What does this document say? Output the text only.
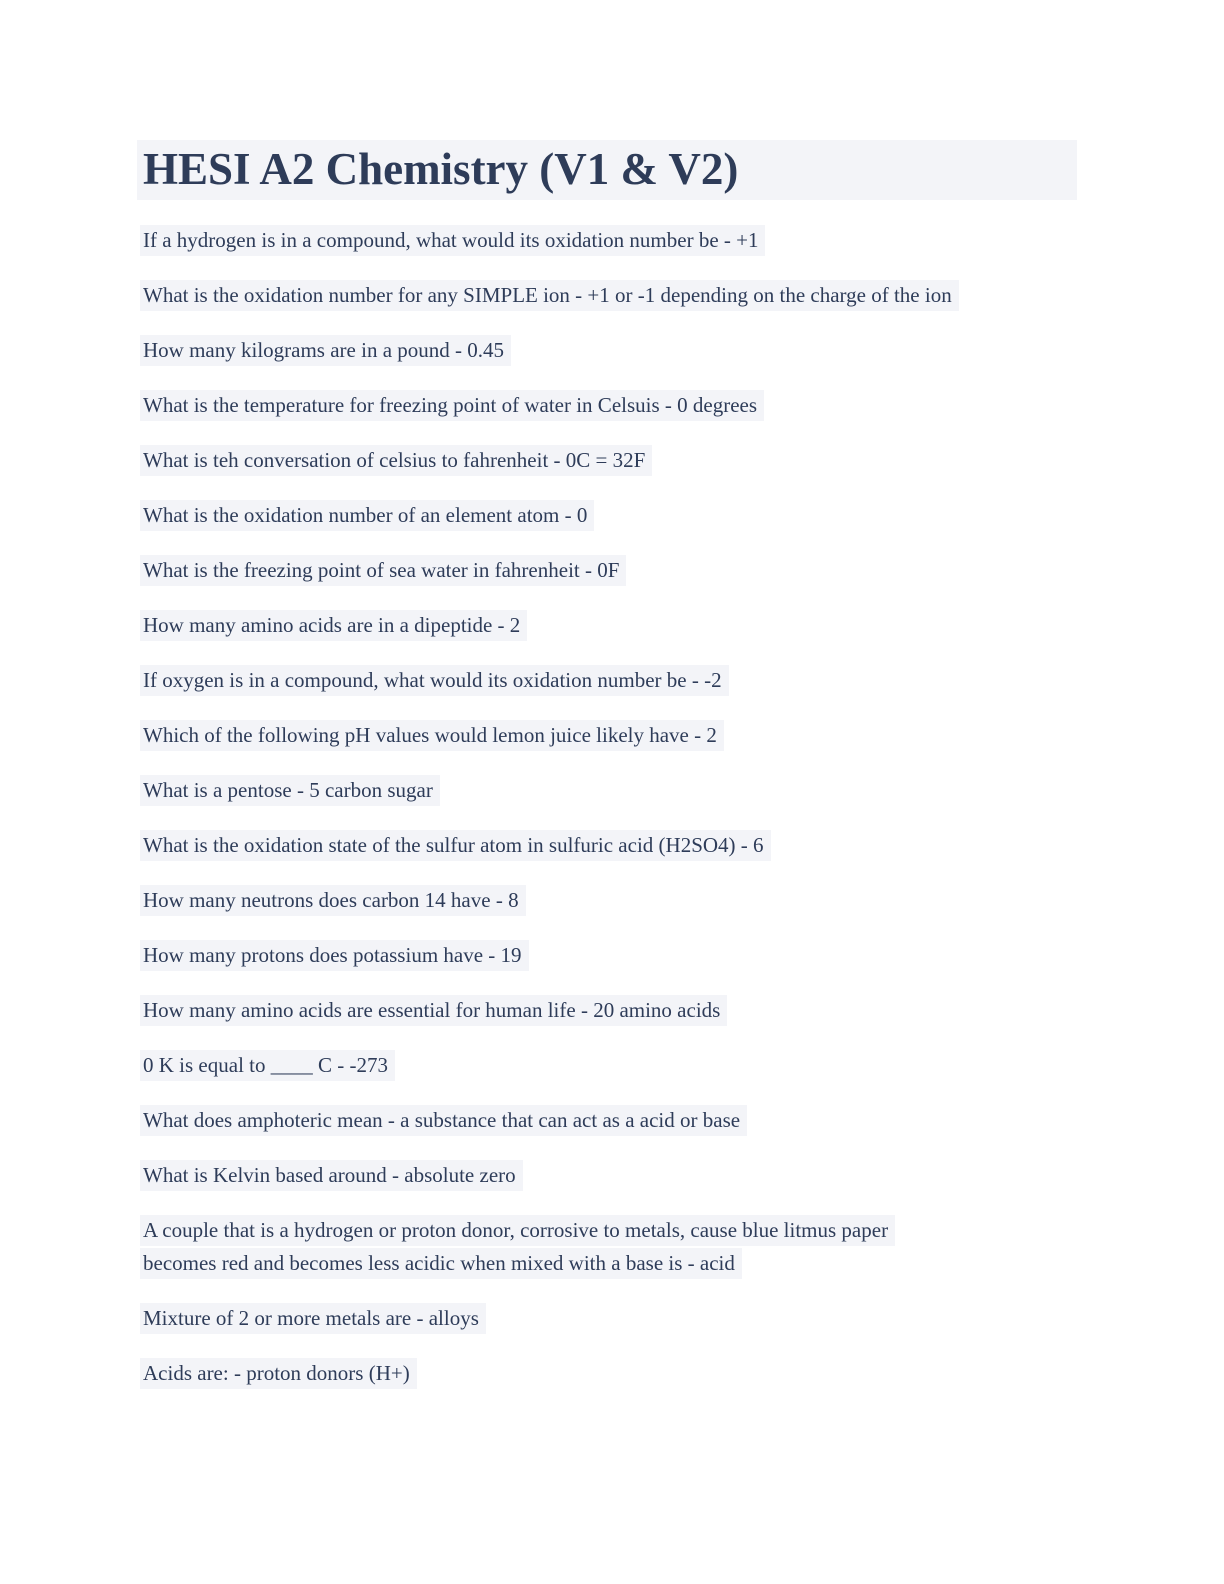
HESI A2 Chemistry (V1 & V2)

If a hydrogen is in a compound, what would its oxidation number be - +1

What is the oxidation number for any SIMPLE ion - +1 or -1 depending on the charge of the ion

How many kilograms are in a pound - 0.45

What is the temperature for freezing point of water in Celsuis - 0 degrees

What is teh conversation of celsius to fahrenheit - 0C = 32F

What is the oxidation number of an element atom - 0

What is the freezing point of sea water in fahrenheit - 0F

How many amino acids are in a dipeptide - 2

If oxygen is in a compound, what would its oxidation number be - -2

Which of the following pH values would lemon juice likely have - 2

What is a pentose - 5 carbon sugar

What is the oxidation state of the sulfur atom in sulfuric acid (H2SO4) - 6

How many neutrons does carbon 14 have - 8

How many protons does potassium have - 19

How many amino acids are essential for human life - 20 amino acids

0 K is equal to ____ C - -273

What does amphoteric mean - a substance that can act as a acid or base

What is Kelvin based around - absolute zero

A couple that is a hydrogen or proton donor, corrosive to metals, cause blue litmus paper
becomes red and becomes less acidic when mixed with a base is - acid

Mixture of 2 or more metals are - alloys

Acids are: - proton donors (H+)
